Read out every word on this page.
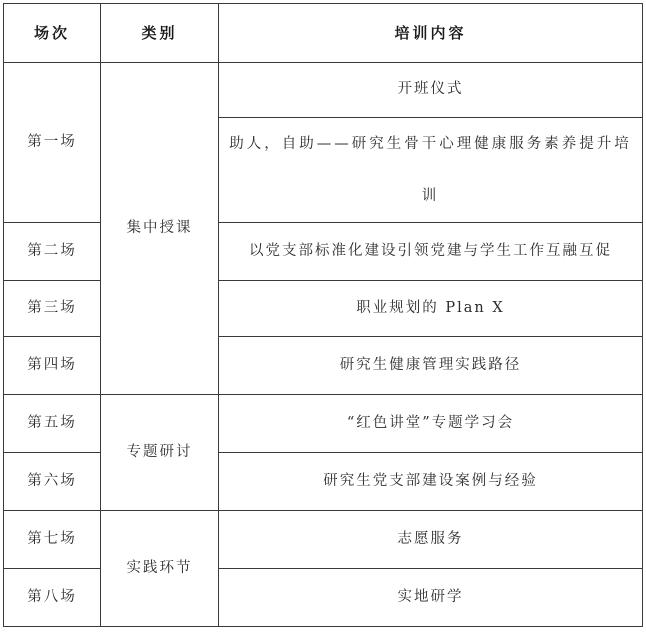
场次	类别	培训内容
第一场	集中授课	开班仪式
		助人，自助——研究生骨干心理健康服务素养提升培训
第二场		以党支部标准化建设引领党建与学生工作互融互促
第三场		职业规划的 Plan X
第四场		研究生健康管理实践路径
第五场	专题研讨	“红色讲堂”专题学习会
第六场		研究生党支部建设案例与经验
第七场	实践环节	志愿服务
第八场		实地研学
